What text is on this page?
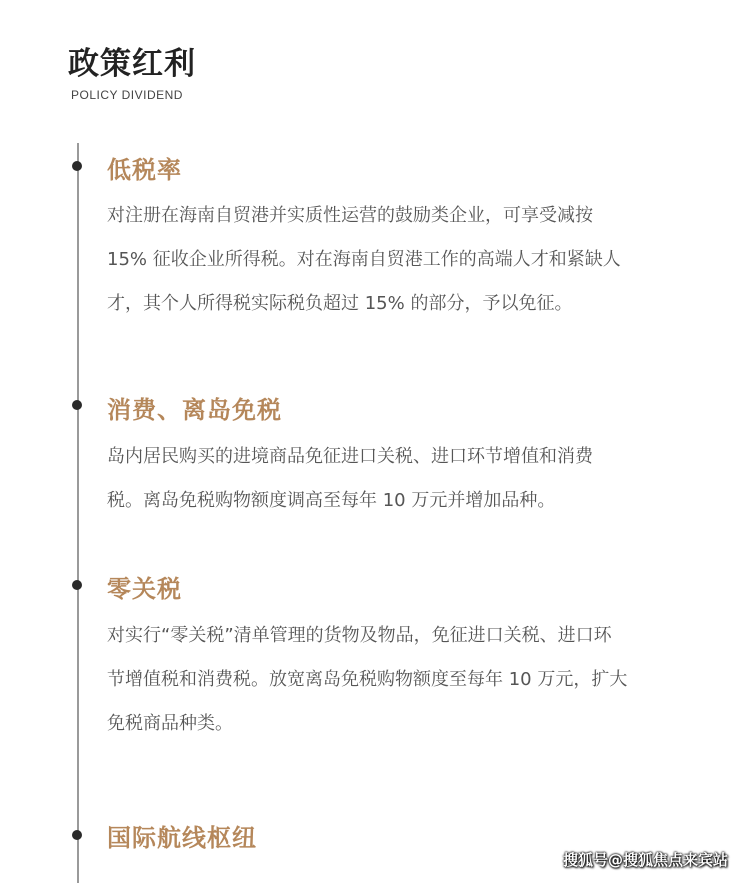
政策红利
POLICY DIVIDEND
低税率
对注册在海南自贸港并实质性运营的鼓励类企业，可享受减按
15% 征收企业所得税。对在海南自贸港工作的高端人才和紧缺人
才，其个人所得税实际税负超过 15% 的部分，予以免征。
消费、离岛免税
岛内居民购买的进境商品免征进口关税、进口环节增值和消费
税。离岛免税购物额度调高至每年 10 万元并增加品种。
零关税
对实行“零关税”清单管理的货物及物品，免征进口关税、进口环
节增值税和消费税。放宽离岛免税购物额度至每年 10 万元，扩大
免税商品种类。
国际航线枢纽
搜狐号@搜狐焦点来宾站
